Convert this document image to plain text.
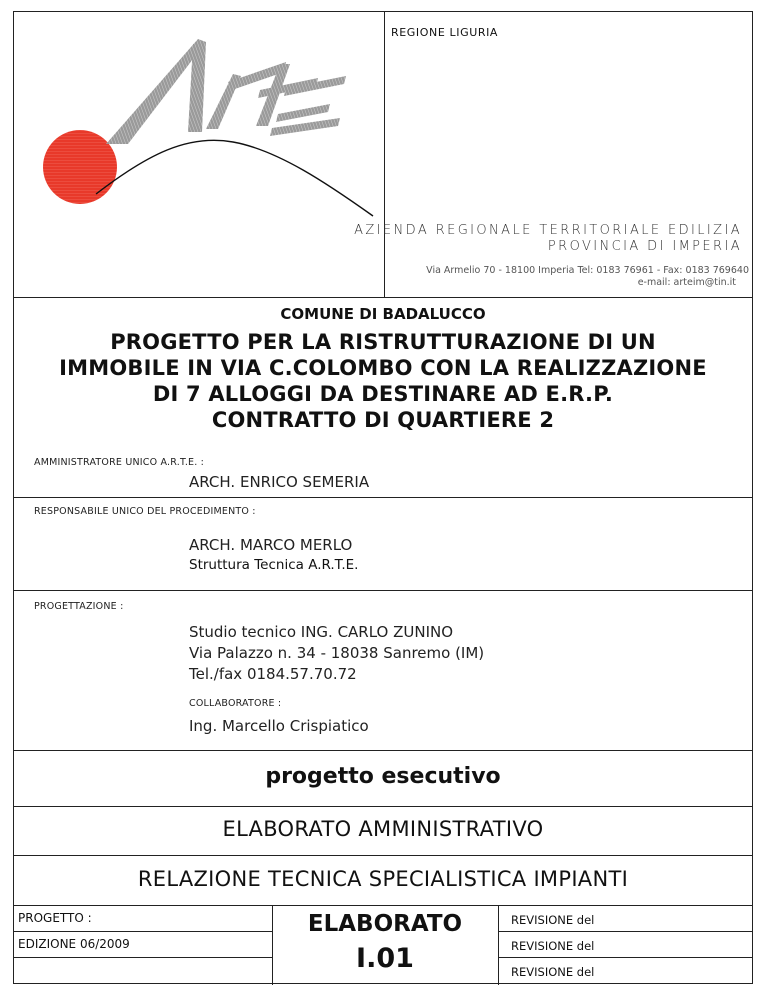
REGIONE LIGURIA
AZIENDA REGIONALE TERRITORIALE EDILIZIA
PROVINCIA DI IMPERIA
Via Armelio 70 - 18100 Imperia Tel: 0183 76961 - Fax: 0183 769640
e-mail: arteim@tin.it
COMUNE DI BADALUCCO
PROGETTO PER LA RISTRUTTURAZIONE DI UN
IMMOBILE IN VIA C.COLOMBO CON LA REALIZZAZIONE
DI 7 ALLOGGI DA DESTINARE AD E.R.P.
CONTRATTO DI QUARTIERE 2
AMMINISTRATORE UNICO A.R.T.E. :
ARCH. ENRICO SEMERIA
RESPONSABILE UNICO DEL PROCEDIMENTO :
ARCH. MARCO MERLO
Struttura Tecnica A.R.T.E.
PROGETTAZIONE :
Studio tecnico ING. CARLO ZUNINO
Via Palazzo n. 34 - 18038 Sanremo (IM)
Tel./fax 0184.57.70.72
COLLABORATORE :
Ing. Marcello Crispiatico
progetto esecutivo
ELABORATO AMMINISTRATIVO
RELAZIONE TECNICA SPECIALISTICA IMPIANTI
PROGETTO :
EDIZIONE 06/2009
ELABORATO
I.01
REVISIONE del
REVISIONE del
REVISIONE del
